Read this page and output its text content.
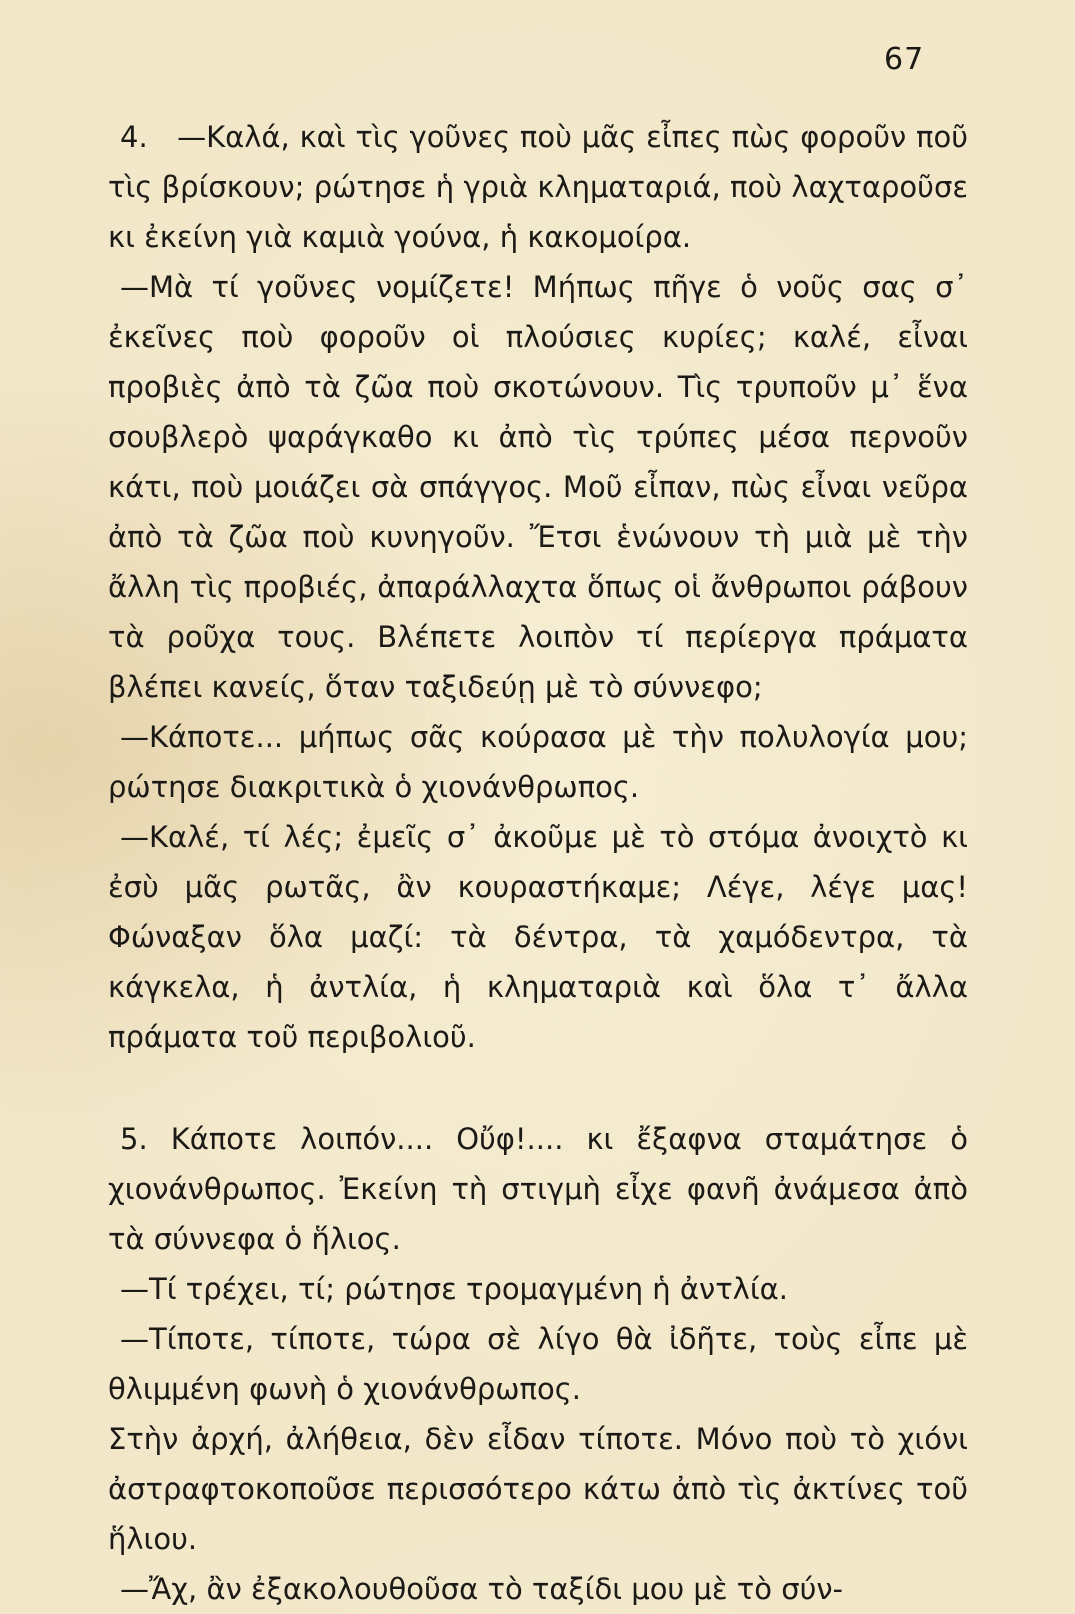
67

4.   —Καλά, καὶ τὶς γοῦνες ποὺ μᾶς εἶπες πὼς φοροῦν ποῦ τὶς βρίσκουν; ρώτησε ἡ γριὰ κληματαριά, ποὺ λαχταροῦσε κι ἐκείνη γιὰ καμιὰ γούνα, ἡ κακομοίρα.

—Μὰ τί γοῦνες νομίζετε! Μήπως πῆγε ὁ νοῦς σας σ᾽ ἐκεῖνες ποὺ φοροῦν οἱ πλούσιες κυρίες; καλέ, εἶναι προβιὲς ἀπὸ τὰ ζῶα ποὺ σκοτώνουν. Τὶς τρυποῦν μ᾽ ἕνα σουβλερὸ ψαράγκαθο κι ἀπὸ τὶς τρύπες μέσα περνοῦν κάτι, ποὺ μοιάζει σὰ σπάγγος. Μοῦ εἶπαν, πὼς εἶναι νεῦρα ἀπὸ τὰ ζῶα ποὺ κυνηγοῦν. Ἔτσι ἑνώνουν τὴ μιὰ μὲ τὴν ἄλλη τὶς προβιές, ἀπαράλλαχτα ὅπως οἱ ἄνθρωποι ράβουν τὰ ροῦχα τους. Βλέπετε λοιπὸν τί περίεργα πράματα βλέπει κανείς, ὅταν ταξιδεύῃ μὲ τὸ σύννεφο;

—Κάποτε... μήπως σᾶς κούρασα μὲ τὴν πολυλογία μου; ρώτησε διακριτικὰ ὁ χιονάνθρωπος.

—Καλέ, τί λές; ἐμεῖς σ᾽ ἀκοῦμε μὲ τὸ στόμα ἀνοιχτὸ κι ἐσὺ μᾶς ρωτᾶς, ἂν κουραστήκαμε; Λέγε, λέγε μας! Φώναξαν ὅλα μαζί: τὰ δέντρα, τὰ χαμόδεντρα, τὰ κάγκελα, ἡ ἀντλία, ἡ κληματαριὰ καὶ ὅλα τ᾽ ἄλλα πράματα τοῦ περιβολιοῦ.

5. Κάποτε λοιπόν.... Οὔφ!.... κι ἔξαφνα σταμάτησε ὁ χιονάνθρωπος. Ἐκείνη τὴ στιγμὴ εἶχε φανῆ ἀνάμεσα ἀπὸ τὰ σύννεφα ὁ ἥλιος.

—Τί τρέχει, τί; ρώτησε τρομαγμένη ἡ ἀντλία.

—Τίποτε, τίποτε, τώρα σὲ λίγο θὰ ἰδῆτε, τοὺς εἶπε μὲ θλιμμένη φωνὴ ὁ χιονάνθρωπος.

Στὴν ἀρχή, ἀλήθεια, δὲν εἶδαν τίποτε. Μόνο ποὺ τὸ χιόνι ἀστραφτοκοποῦσε περισσότερο κάτω ἀπὸ τὶς ἀκτίνες τοῦ ἥλιου.

—Ἄχ, ἂν ἐξακολουθοῦσα τὸ ταξίδι μου μὲ τὸ σύν-
